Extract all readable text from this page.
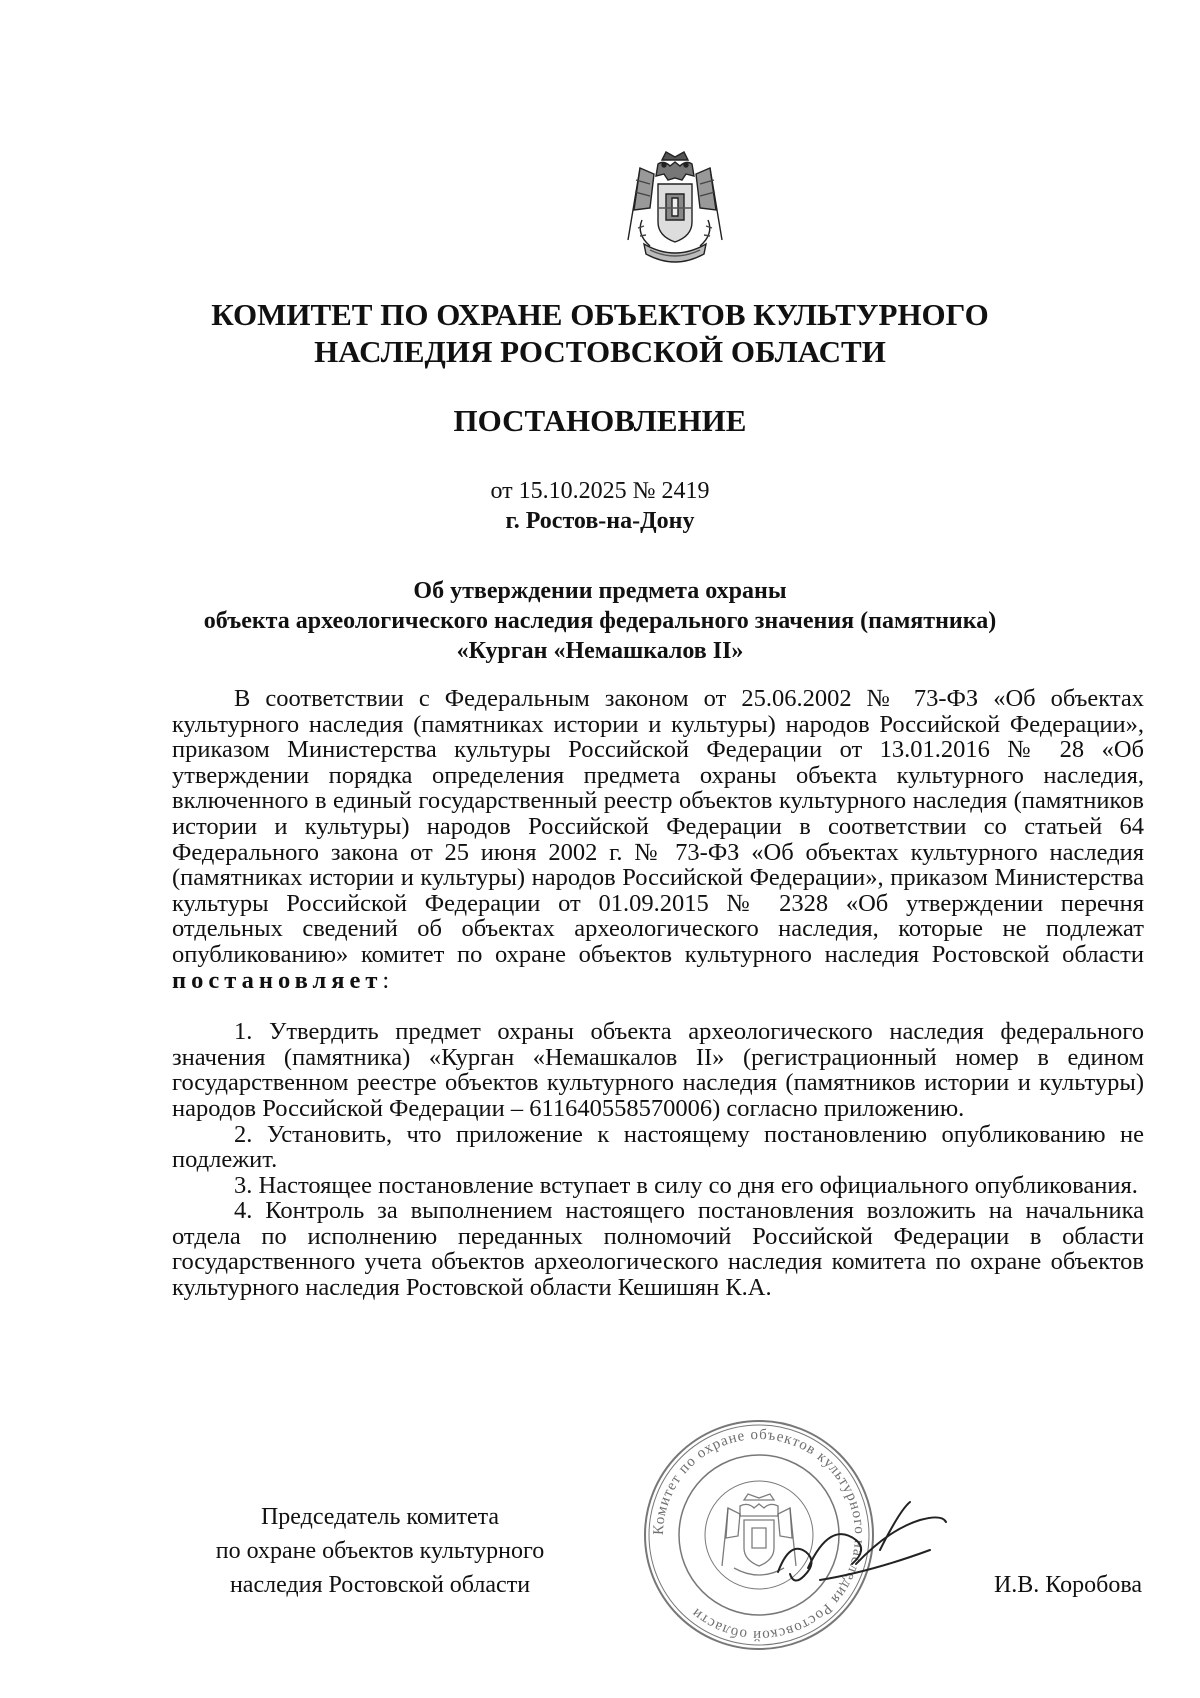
КОМИТЕТ ПО ОХРАНЕ ОБЪЕКТОВ КУЛЬТУРНОГО
НАСЛЕДИЯ РОСТОВСКОЙ ОБЛАСТИ
ПОСТАНОВЛЕНИЕ
от 15.10.2025 № 2419
г. Ростов-на-Дону
Об утверждении предмета охраны
объекта археологического наследия федерального значения (памятника)
«Курган «Немашкалов II»

В соответствии с Федеральным законом от 25.06.2002 № 73-ФЗ «Об объектах культурного наследия (памятниках истории и культуры) народов Российской Федерации», приказом Министерства культуры Российской Федерации от 13.01.2016 № 28 «Об утверждении порядка определения предмета охраны объекта культурного наследия, включенного в единый государственный реестр объектов культурного наследия (памятников истории и культуры) народов Российской Федерации в соответствии со статьей 64 Федерального закона от 25 июня 2002 г. № 73-ФЗ «Об объектах культурного наследия (памятниках истории и культуры) народов Российской Федерации», приказом Министерства культуры Российской Федерации от 01.09.2015 № 2328 «Об утверждении перечня отдельных сведений об объектах археологического наследия, которые не подлежат опубликованию» комитет по охране объектов культурного наследия Ростовской области постановляет:

1. Утвердить предмет охраны объекта археологического наследия федерального значения (памятника) «Курган «Немашкалов II» (регистрационный номер в едином государственном реестре объектов культурного наследия (памятников истории и культуры) народов Российской Федерации – 611640558570006) согласно приложению.

2. Установить, что приложение к настоящему постановлению опубликованию не подлежит.

3. Настоящее постановление вступает в силу со дня его официального опубликования.

4. Контроль за выполнением настоящего постановления возложить на начальника отдела по исполнению переданных полномочий Российской Федерации в области государственного учета объектов археологического наследия комитета по охране объектов культурного наследия Ростовской области Кешишян К.А.

Комитет по охране объектов культурного наследия Ростовской области
Председатель комитета
по охране объектов культурного
наследия Ростовской области	И.В. Коробова
